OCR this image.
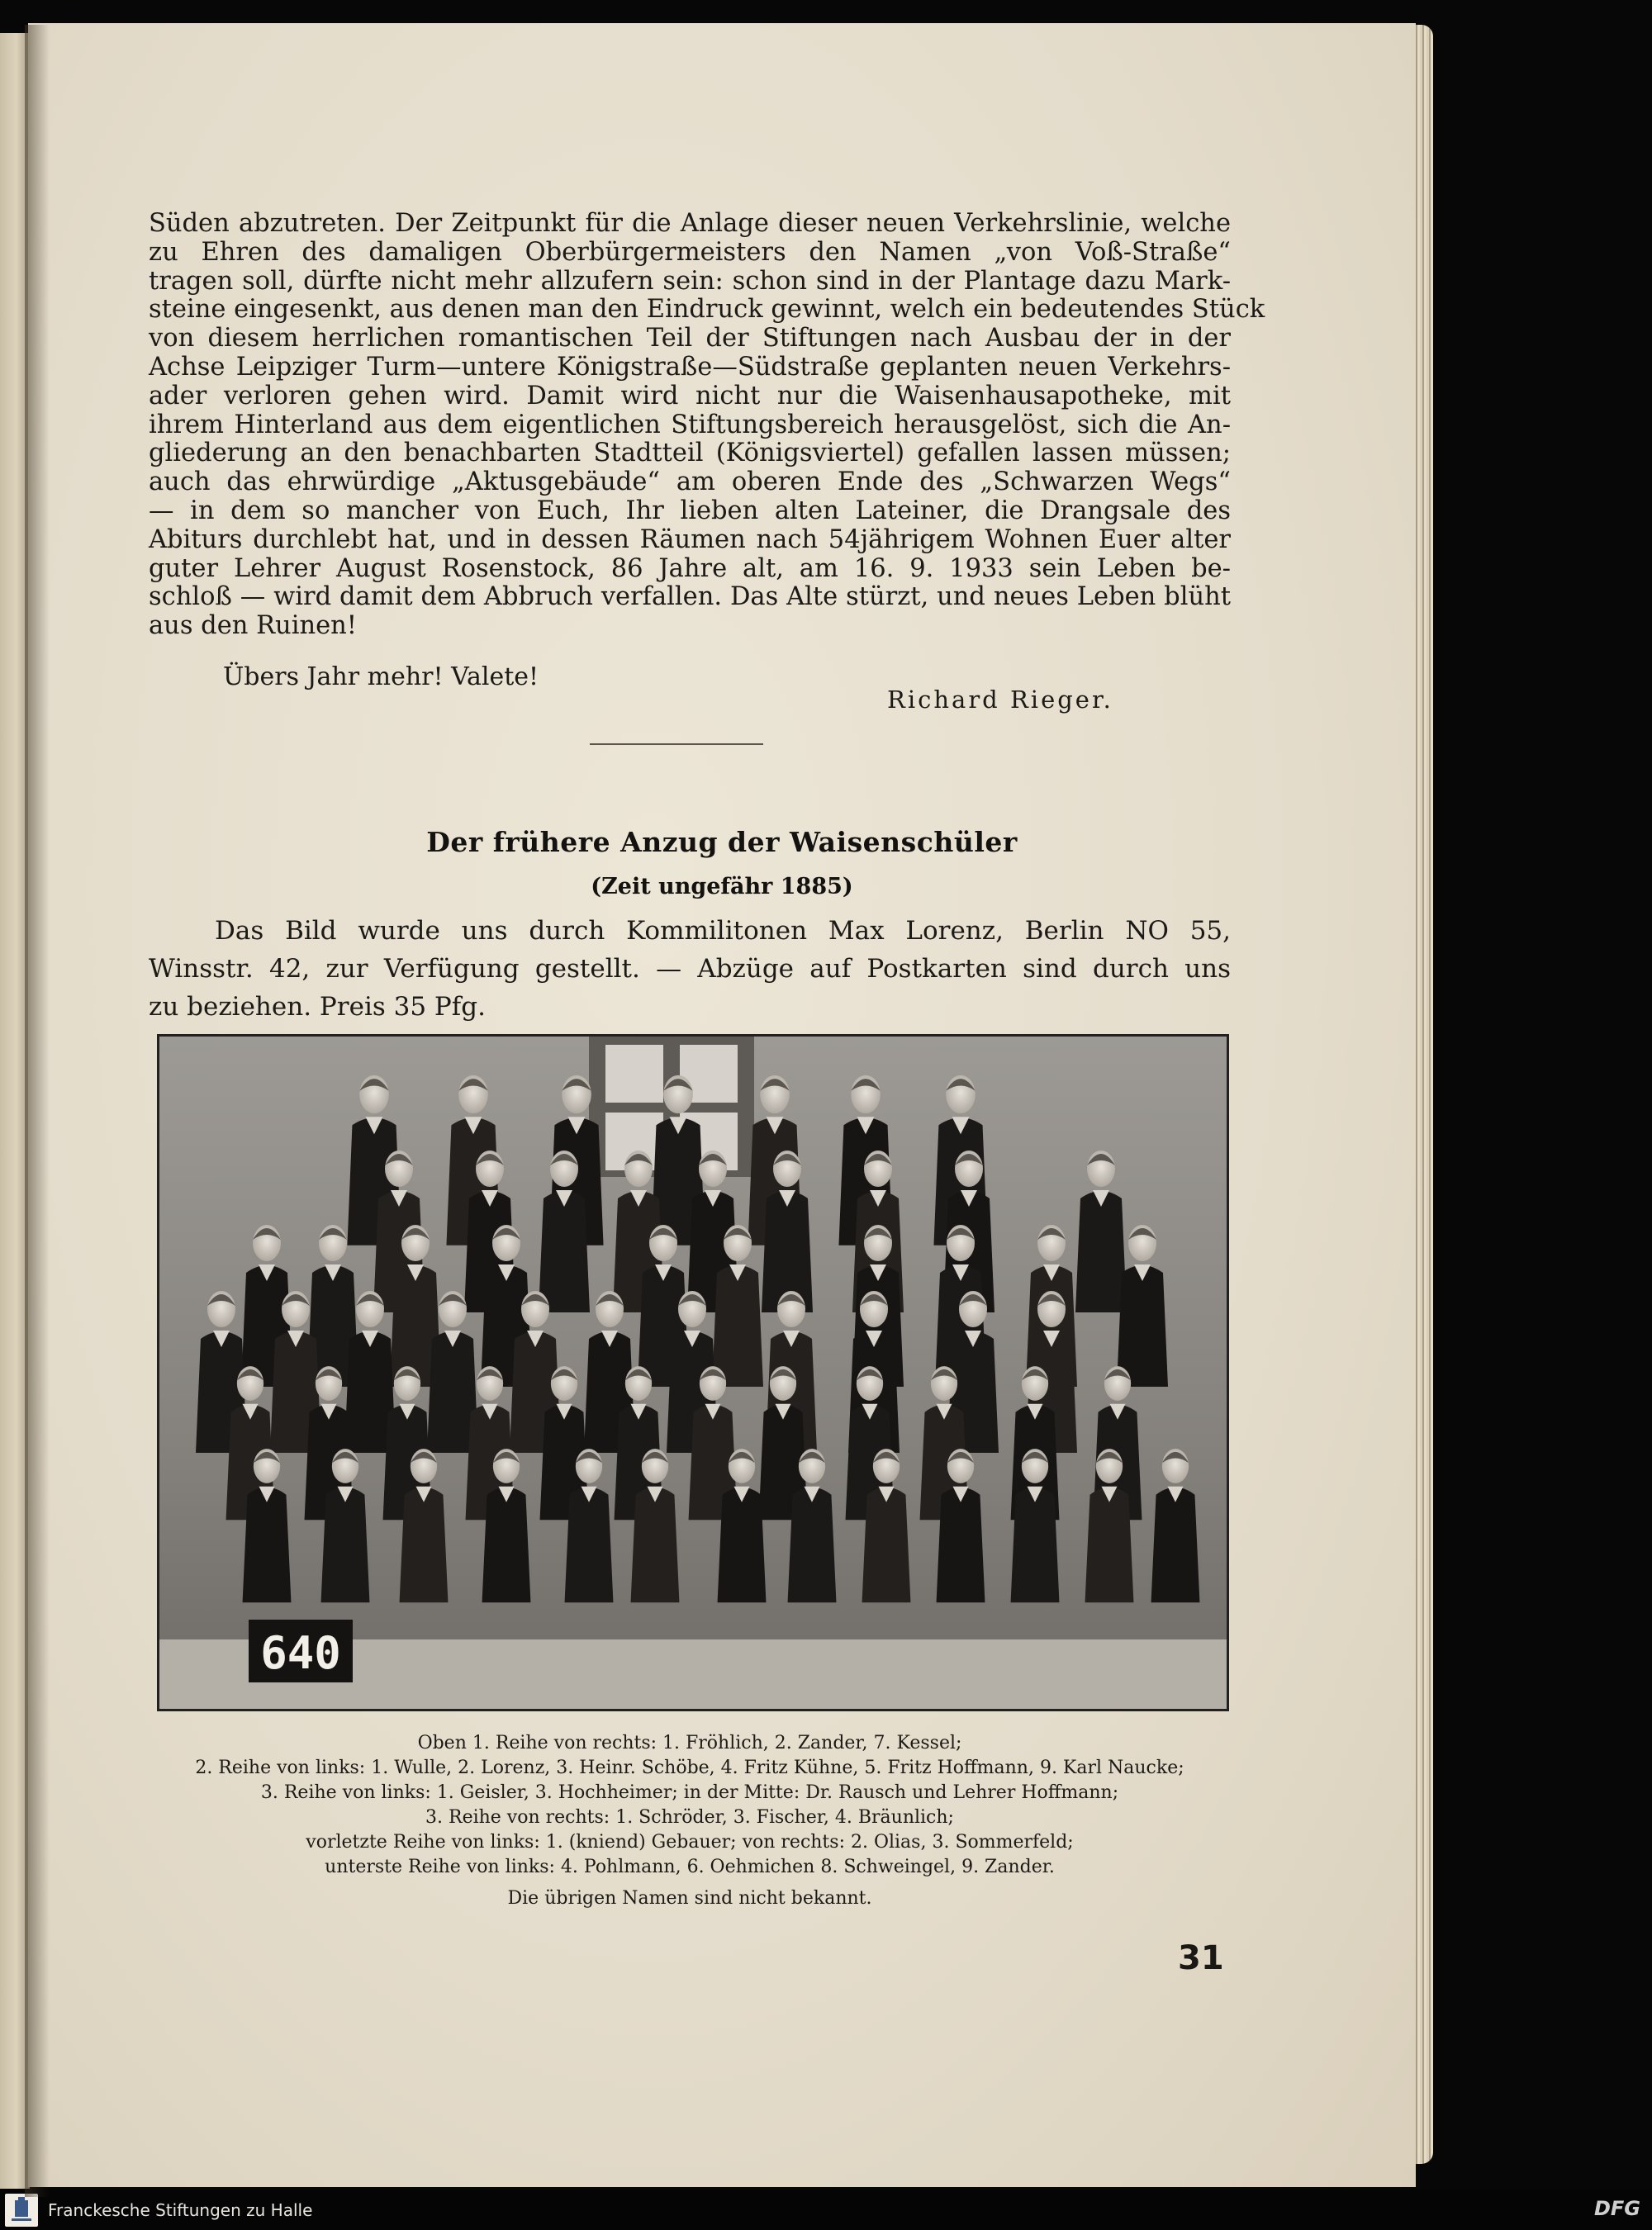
Süden abzutreten. Der Zeitpunkt für die Anlage dieser neuen Verkehrslinie, welche
zu Ehren des damaligen Oberbürgermeisters den Namen „von Voß-Straße“
tragen soll, dürfte nicht mehr allzufern sein: schon sind in der Plantage dazu Mark-
steine eingesenkt, aus denen man den Eindruck gewinnt, welch ein bedeutendes Stück
von diesem herrlichen romantischen Teil der Stiftungen nach Ausbau der in der
Achse Leipziger Turm—untere Königstraße—Südstraße geplanten neuen Verkehrs-
ader verloren gehen wird. Damit wird nicht nur die Waisenhausapotheke, mit
ihrem Hinterland aus dem eigentlichen Stiftungsbereich herausgelöst, sich die An-
gliederung an den benachbarten Stadtteil (Königsviertel) gefallen lassen müssen;
auch das ehrwürdige „Aktusgebäude“ am oberen Ende des „Schwarzen Wegs“
— in dem so mancher von Euch, Ihr lieben alten Lateiner, die Drangsale des
Abiturs durchlebt hat, und in dessen Räumen nach 54jährigem Wohnen Euer alter
guter Lehrer August Rosenstock, 86 Jahre alt, am 16. 9. 1933 sein Leben be-
schloß — wird damit dem Abbruch verfallen. Das Alte stürzt, und neues Leben blüht
aus den Ruinen!
Übers Jahr mehr! Valete!
Richard Rieger.
Der frühere Anzug der Waisenschüler
(Zeit ungefähr 1885)
Das Bild wurde uns durch Kommilitonen Max Lorenz, Berlin NO 55,
Winsstr. 42, zur Verfügung gestellt. — Abzüge auf Postkarten sind durch uns
zu beziehen. Preis 35 Pfg.
640
Oben 1. Reihe von rechts: 1. Fröhlich, 2. Zander, 7. Kessel;
2. Reihe von links: 1. Wulle, 2. Lorenz, 3. Heinr. Schöbe, 4. Fritz Kühne, 5. Fritz Hoffmann, 9. Karl Naucke;
3. Reihe von links: 1. Geisler, 3. Hochheimer; in der Mitte: Dr. Rausch und Lehrer Hoffmann;
3. Reihe von rechts: 1. Schröder, 3. Fischer, 4. Bräunlich;
vorletzte Reihe von links: 1. (kniend) Gebauer; von rechts: 2. Olias, 3. Sommerfeld;
unterste Reihe von links: 4. Pohlmann, 6. Oehmichen 8. Schweingel, 9. Zander.
Die übrigen Namen sind nicht bekannt.
31
Franckesche Stiftungen zu Halle	DFG
